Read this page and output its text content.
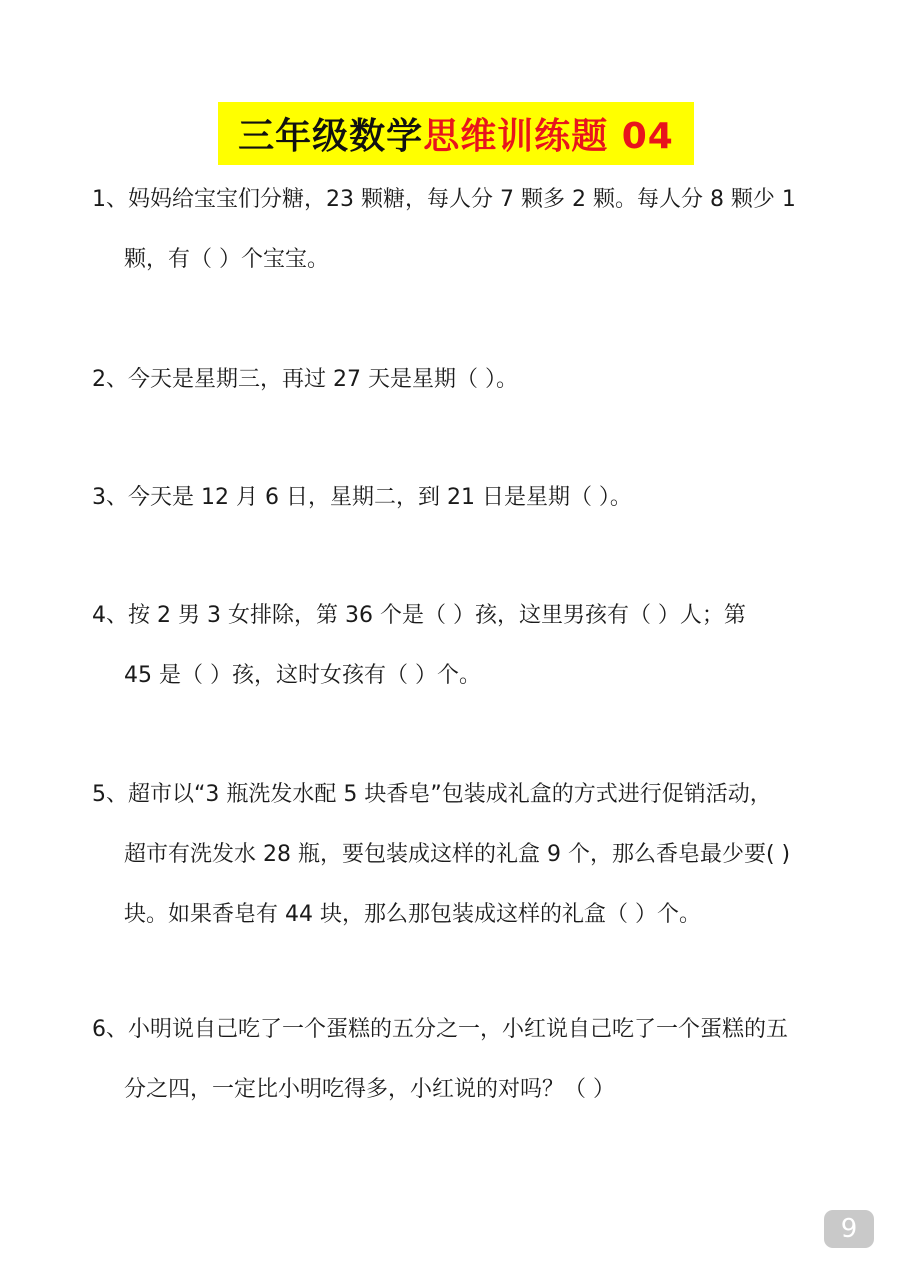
三年级数学思维训练题 04
1、妈妈给宝宝们分糖，23 颗糖，每人分 7 颗多 2 颗。每人分 8 颗少 1
颗，有（ ）个宝宝。
2、今天是星期三，再过 27 天是星期（ ）。
3、今天是 12 月 6 日，星期二，到 21 日是星期（ ）。
4、按 2 男 3 女排除，第 36 个是（ ）孩，这里男孩有（ ）人；第
45 是（ ）孩，这时女孩有（ ）个。
5、超市以“3 瓶洗发水配 5 块香皂”包装成礼盒的方式进行促销活动，
超市有洗发水 28 瓶，要包装成这样的礼盒 9 个，那么香皂最少要( )
块。如果香皂有 44 块，那么那包装成这样的礼盒（ ）个。
6、小明说自己吃了一个蛋糕的五分之一，小红说自己吃了一个蛋糕的五
分之四，一定比小明吃得多，小红说的对吗？（ ）
9
